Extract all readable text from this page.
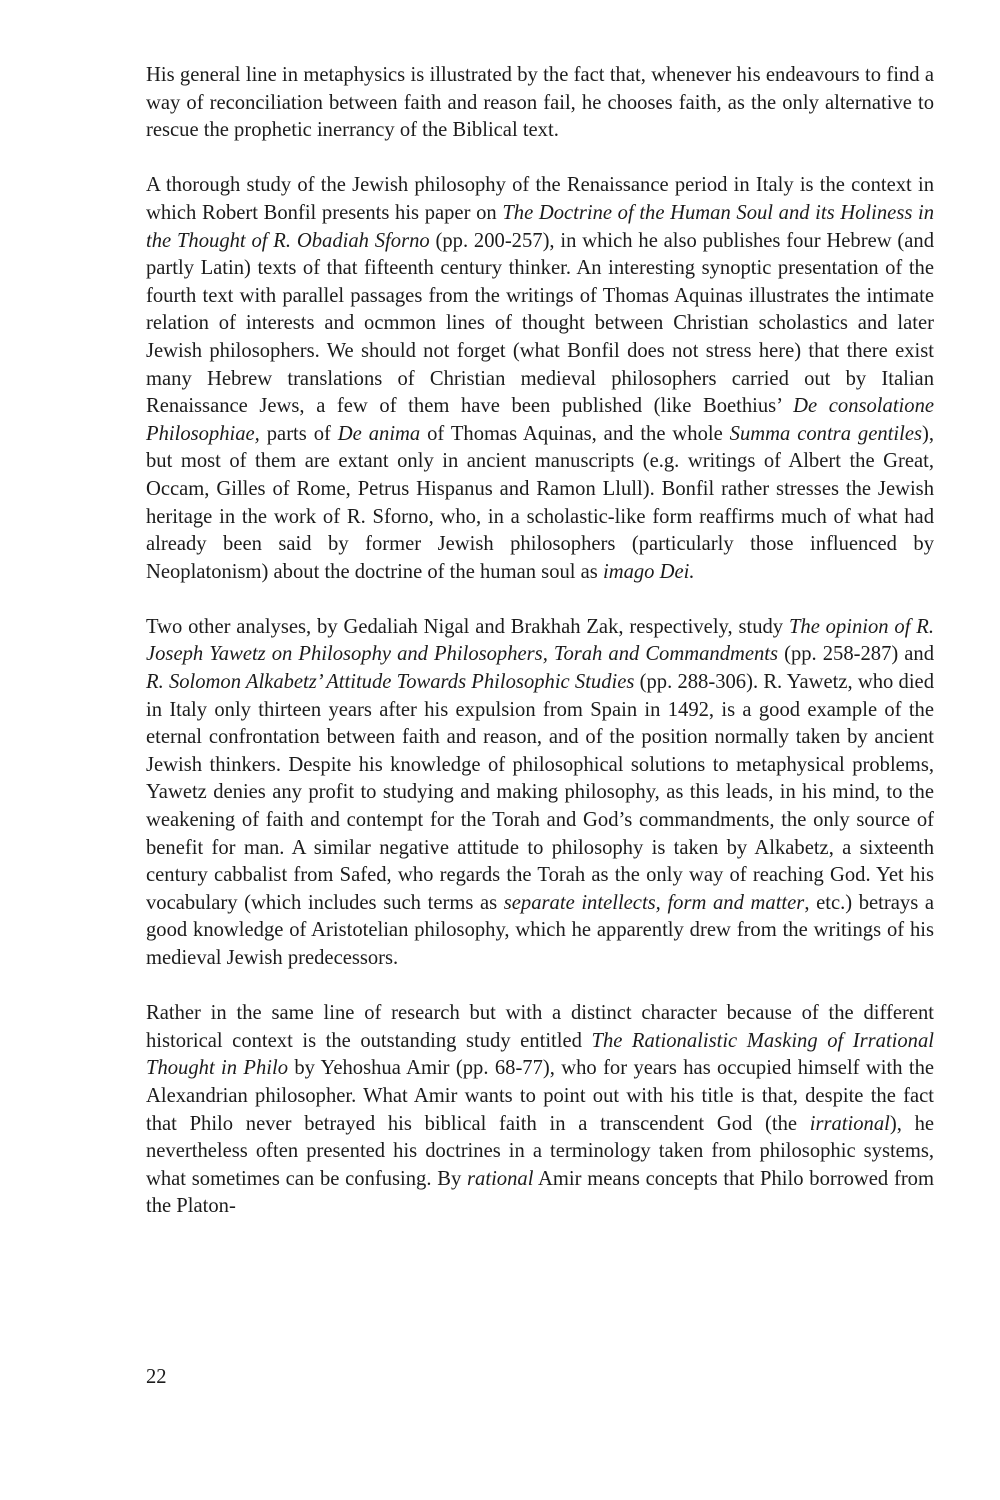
His general line in metaphysics is illustrated by the fact that, whenever his endeavours to find a way of reconciliation between faith and reason fail, he chooses faith, as the only alternative to rescue the prophetic inerrancy of the Biblical text.

A thorough study of the Jewish philosophy of the Renaissance period in Italy is the context in which Robert Bonfil presents his paper on The Doctrine of the Human Soul and its Holiness in the Thought of R. Obadiah Sforno (pp. 200-257), in which he also publishes four Hebrew (and partly Latin) texts of that fifteenth century thinker. An interesting synoptic presentation of the fourth text with parallel passages from the writings of Thomas Aquinas illustrates the intimate relation of interests and ocmmon lines of thought between Christian scholastics and later Jewish philosophers. We should not forget (what Bonfil does not stress here) that there exist many Hebrew translations of Christian medieval philosophers carried out by Italian Renaissance Jews, a few of them have been published (like Boethius’ De consolatione Philosophiae, parts of De anima of Thomas Aquinas, and the whole Summa contra gentiles), but most of them are extant only in ancient manuscripts (e.g. writings of Albert the Great, Occam, Gilles of Rome, Petrus Hispanus and Ramon Llull). Bonfil rather stresses the Jewish heritage in the work of R. Sforno, who, in a scholastic-like form reaffirms much of what had already been said by former Jewish philosophers (particularly those influenced by Neoplatonism) about the doctrine of the human soul as imago Dei.

Two other analyses, by Gedaliah Nigal and Brakhah Zak, respectively, study The opinion of R. Joseph Yawetz on Philosophy and Philosophers, Torah and Commandments (pp. 258-287) and R. Solomon Alkabetz’ Attitude Towards Philosophic Studies (pp. 288-306). R. Yawetz, who died in Italy only thirteen years after his expulsion from Spain in 1492, is a good example of the eternal confrontation between faith and reason, and of the position normally taken by ancient Jewish thinkers. Despite his knowledge of philosophical solutions to metaphysical problems, Yawetz denies any profit to studying and making philosophy, as this leads, in his mind, to the weakening of faith and contempt for the Torah and God’s commandments, the only source of benefit for man. A similar negative attitude to philosophy is taken by Alkabetz, a sixteenth century cabbalist from Safed, who regards the Torah as the only way of reaching God. Yet his vocabulary (which includes such terms as separate intellects, form and matter, etc.) betrays a good knowledge of Aristotelian philosophy, which he apparently drew from the writings of his medieval Jewish predecessors.

Rather in the same line of research but with a distinct character because of the different historical context is the outstanding study entitled The Rationalistic Masking of Irrational Thought in Philo by Yehoshua Amir (pp. 68-77), who for years has occupied himself with the Alexandrian philosopher. What Amir wants to point out with his title is that, despite the fact that Philo never betrayed his biblical faith in a transcendent God (the irrational), he nevertheless often presented his doctrines in a terminology taken from philosophic systems, what sometimes can be confusing. By rational Amir means concepts that Philo borrowed from the Platon-

22
